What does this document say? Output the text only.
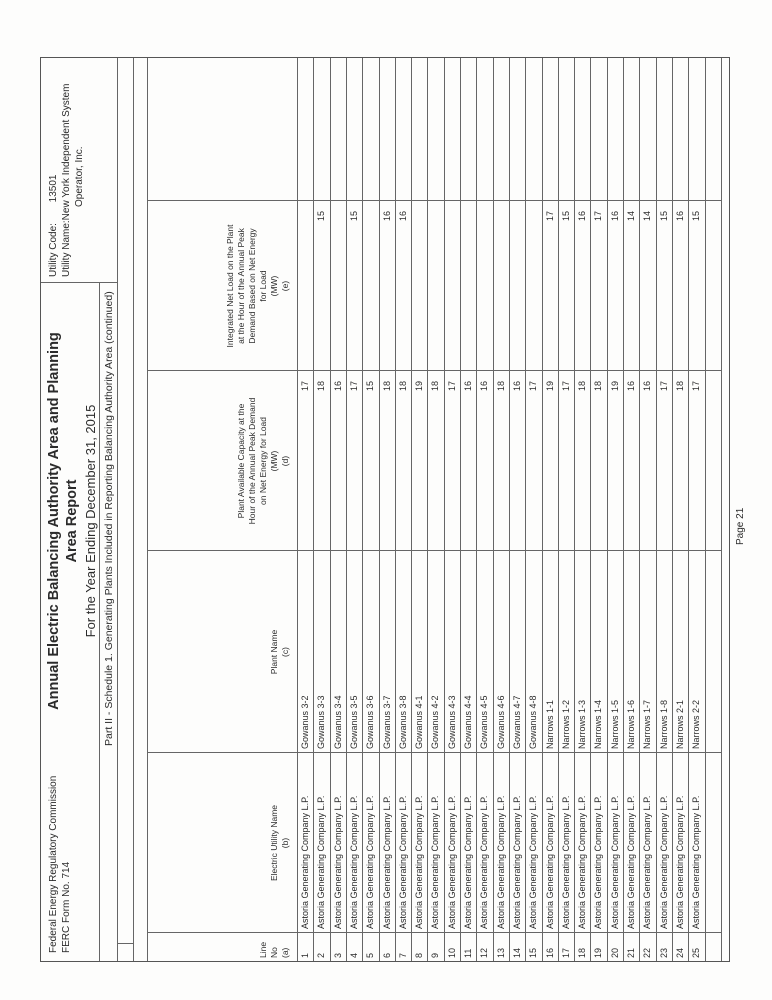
Federal Energy Regulatory Commission FERC Form No. 714
Annual Electric Balancing Authority Area and Planning Area Report For the Year Ending December 31, 2015 Part II - Schedule 1. Generating Plants Included in Reporting Balancing Authority Area (continued)
Utility Code: 13501
Utility Name:New York Independent System Operator, Inc.
Line No (a)
Electric Utility Name (b)
Plant Name (c)
Plant Available Capacity at the Hour of the Annual Peak Demand on Net Energy for Load (MW) (d)
Integrated Net Load on the Plant at the Hour of the Annual Peak Demand Based on Net Energy for Load (MW) (e)
1
Astoria Generating Company L.P.
Gowanus 3-2
17
2
Astoria Generating Company L.P.
Gowanus 3-3
18
15
3
Astoria Generating Company L.P.
Gowanus 3-4
16
4
Astoria Generating Company L.P.
Gowanus 3-5
17
15
5
Astoria Generating Company L.P.
Gowanus 3-6
15
6
Astoria Generating Company L.P.
Gowanus 3-7
18
16
7
Astoria Generating Company L.P.
Gowanus 3-8
18
16
8
Astoria Generating Company L.P.
Gowanus 4-1
19
9
Astoria Generating Company L.P.
Gowanus 4-2
18
10
Astoria Generating Company L.P.
Gowanus 4-3
17
11
Astoria Generating Company L.P.
Gowanus 4-4
16
12
Astoria Generating Company L.P.
Gowanus 4-5
16
13
Astoria Generating Company L.P.
Gowanus 4-6
18
14
Astoria Generating Company L.P.
Gowanus 4-7
16
15
Astoria Generating Company L.P.
Gowanus 4-8
17
16
Astoria Generating Company L.P.
Narrows 1-1
19
17
17
Astoria Generating Company L.P.
Narrows 1-2
17
15
18
Astoria Generating Company L.P.
Narrows 1-3
18
16
19
Astoria Generating Company L.P.
Narrows 1-4
18
17
20
Astoria Generating Company L.P.
Narrows 1-5
19
16
21
Astoria Generating Company L.P.
Narrows 1-6
16
14
22
Astoria Generating Company L.P.
Narrows 1-7
16
14
23
Astoria Generating Company L.P.
Narrows 1-8
17
15
24
Astoria Generating Company L.P.
Narrows 2-1
18
16
25
Astoria Generating Company L.P.
Narrows 2-2
17
15
Page 21
